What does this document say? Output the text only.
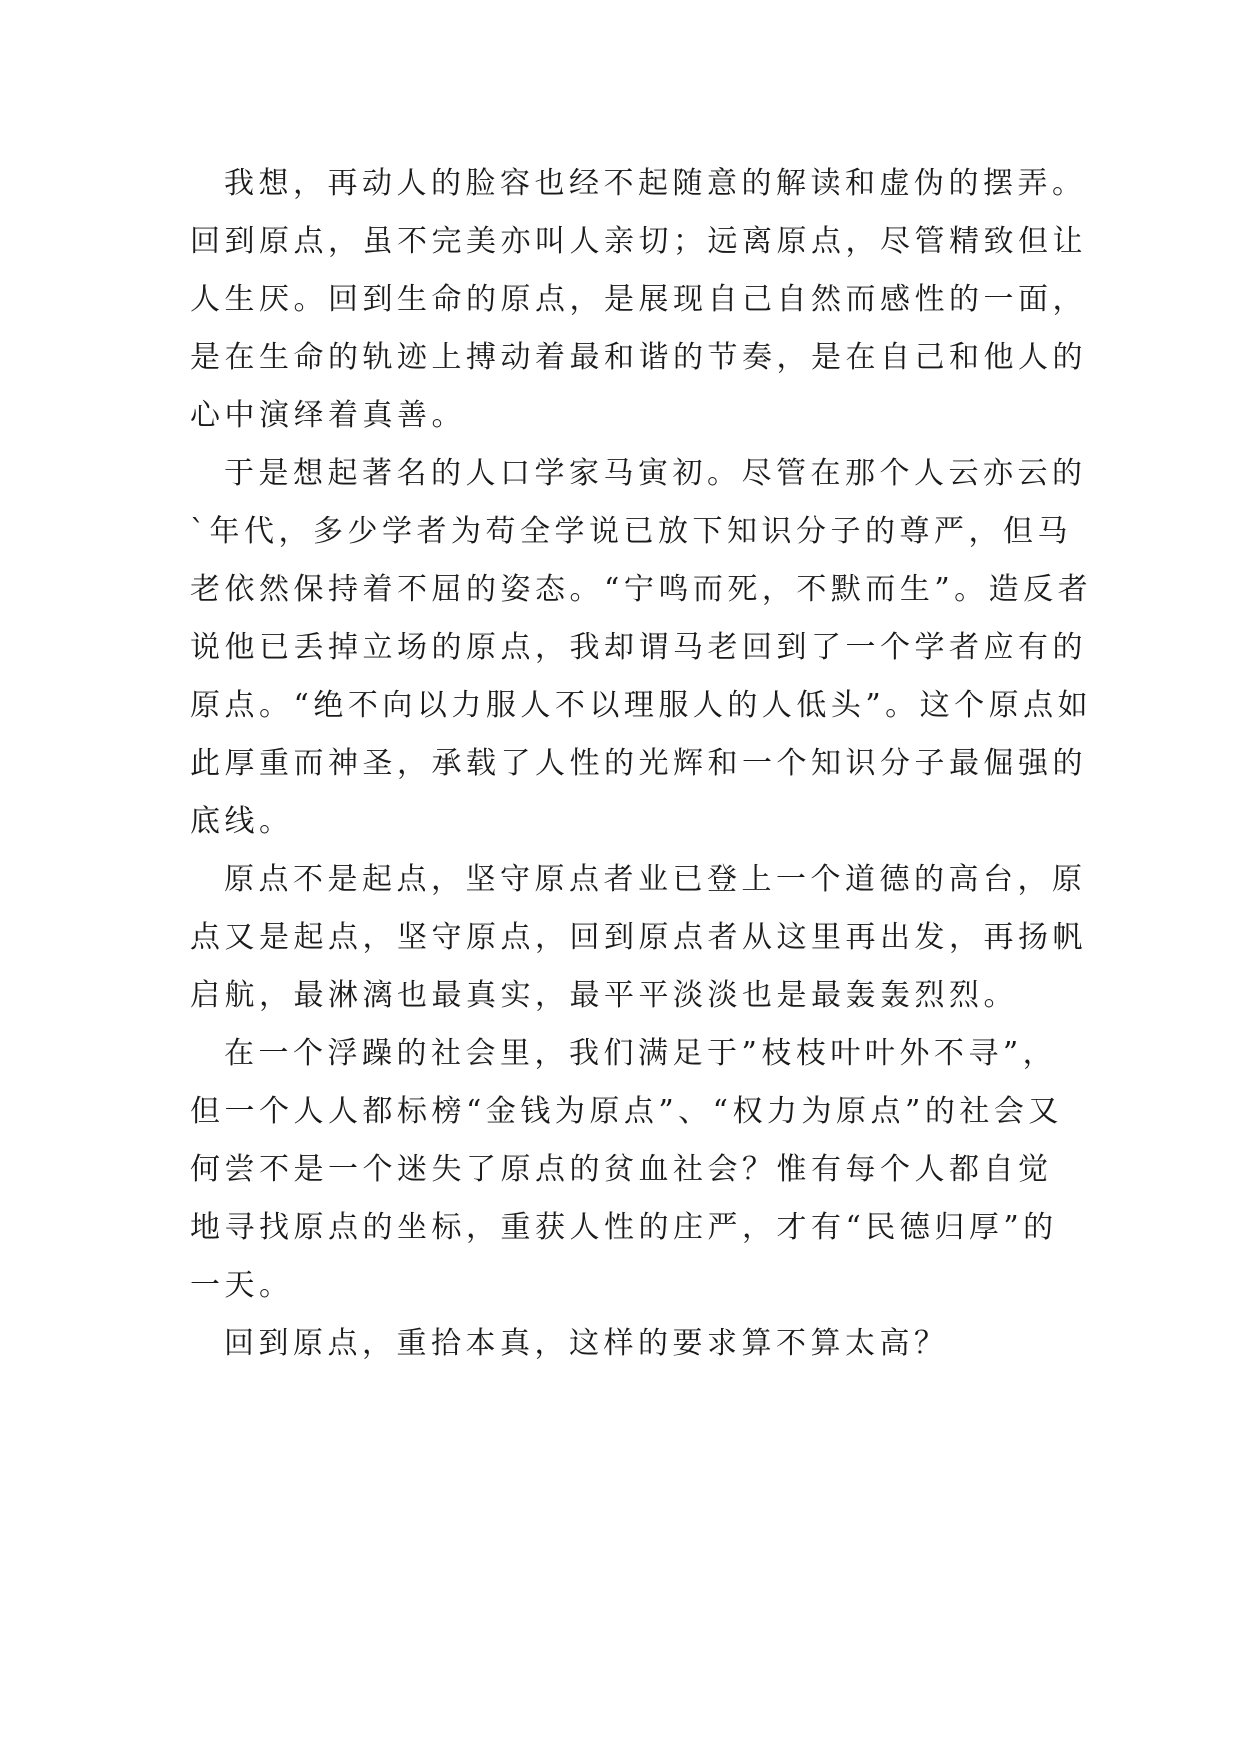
我想，再动人的脸容也经不起随意的解读和虚伪的摆弄。
回到原点，虽不完美亦叫人亲切；远离原点，尽管精致但让
人生厌。回到生命的原点，是展现自己自然而感性的一面，
是在生命的轨迹上搏动着最和谐的节奏，是在自己和他人的
心中演绎着真善。
于是想起著名的人口学家马寅初。尽管在那个人云亦云的
`年代，多少学者为苟全学说已放下知识分子的尊严，但马
老依然保持着不屈的姿态。“宁鸣而死，不默而生”。造反者
说他已丢掉立场的原点，我却谓马老回到了一个学者应有的
原点。“绝不向以力服人不以理服人的人低头”。这个原点如
此厚重而神圣，承载了人性的光辉和一个知识分子最倔强的
底线。
原点不是起点，坚守原点者业已登上一个道德的高台，原
点又是起点，坚守原点，回到原点者从这里再出发，再扬帆
启航，最淋漓也最真实，最平平淡淡也是最轰轰烈烈。
在一个浮躁的社会里，我们满足于”枝枝叶叶外不寻”，
但一个人人都标榜“金钱为原点”、“权力为原点”的社会又
何尝不是一个迷失了原点的贫血社会？惟有每个人都自觉
地寻找原点的坐标，重获人性的庄严，才有“民德归厚”的
一天。
回到原点，重拾本真，这样的要求算不算太高？
